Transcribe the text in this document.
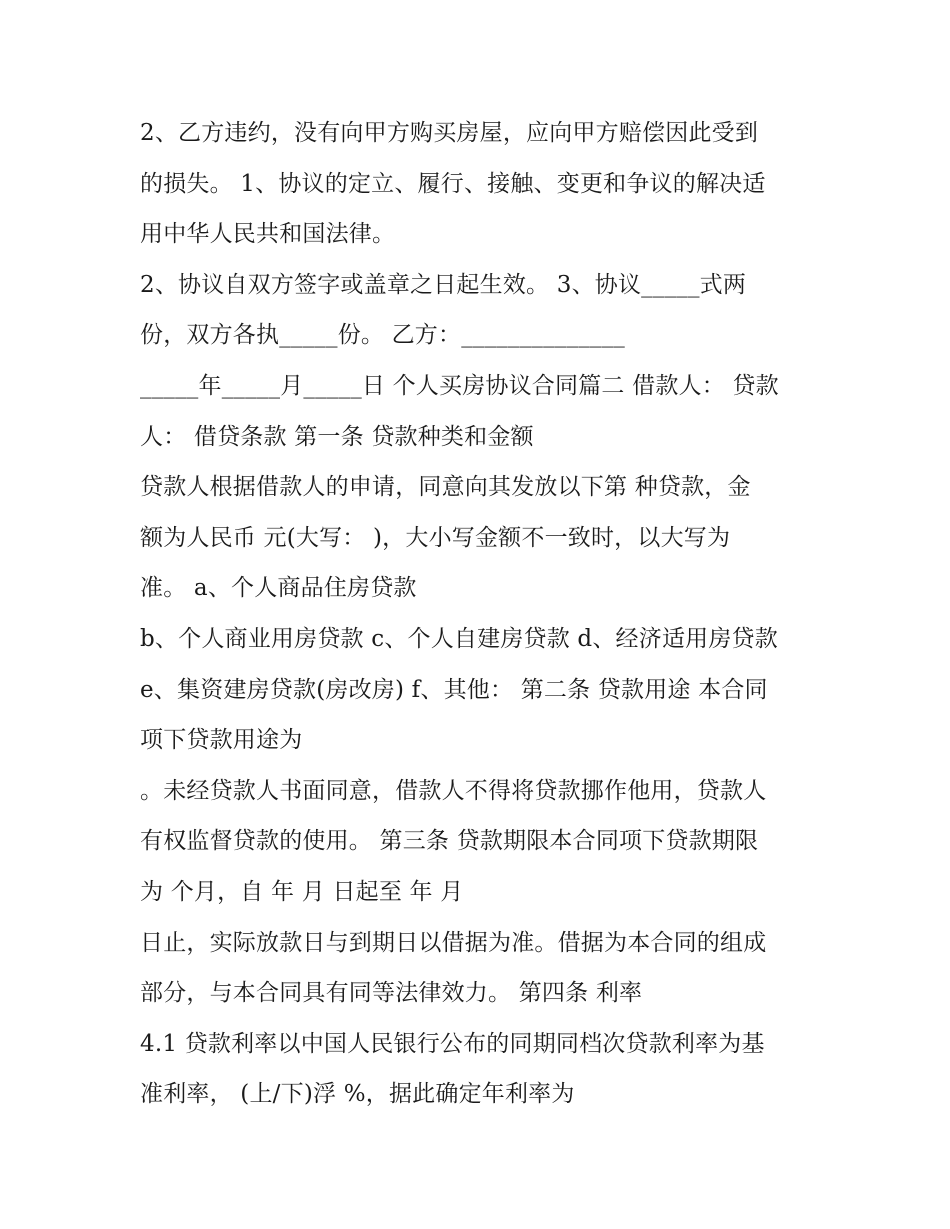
2、乙方违约，没有向甲方购买房屋，应向甲方赔偿因此受到
的损失。 1、协议的定立、履行、接触、变更和争议的解决适
用中华人民共和国法律。
2、协议自双方签字或盖章之日起生效。 3、协议_____式两
份，双方各执_____份。 乙方：______________
_____年_____月_____日 个人买房协议合同篇二 借款人： 贷款
人： 借贷条款 第一条 贷款种类和金额
贷款人根据借款人的申请，同意向其发放以下第 种贷款，金
额为人民币 元(大写： )，大小写金额不一致时，以大写为
准。 a、个人商品住房贷款
b、个人商业用房贷款 c、个人自建房贷款 d、经济适用房贷款
e、集资建房贷款(房改房) f、其他： 第二条 贷款用途 本合同
项下贷款用途为
。未经贷款人书面同意，借款人不得将贷款挪作他用，贷款人
有权监督贷款的使用。 第三条 贷款期限本合同项下贷款期限
为 个月，自 年 月 日起至 年 月
日止，实际放款日与到期日以借据为准。借据为本合同的组成
部分，与本合同具有同等法律效力。 第四条 利率
4.1 贷款利率以中国人民银行公布的同期同档次贷款利率为基
准利率， (上/下)浮 %，据此确定年利率为
